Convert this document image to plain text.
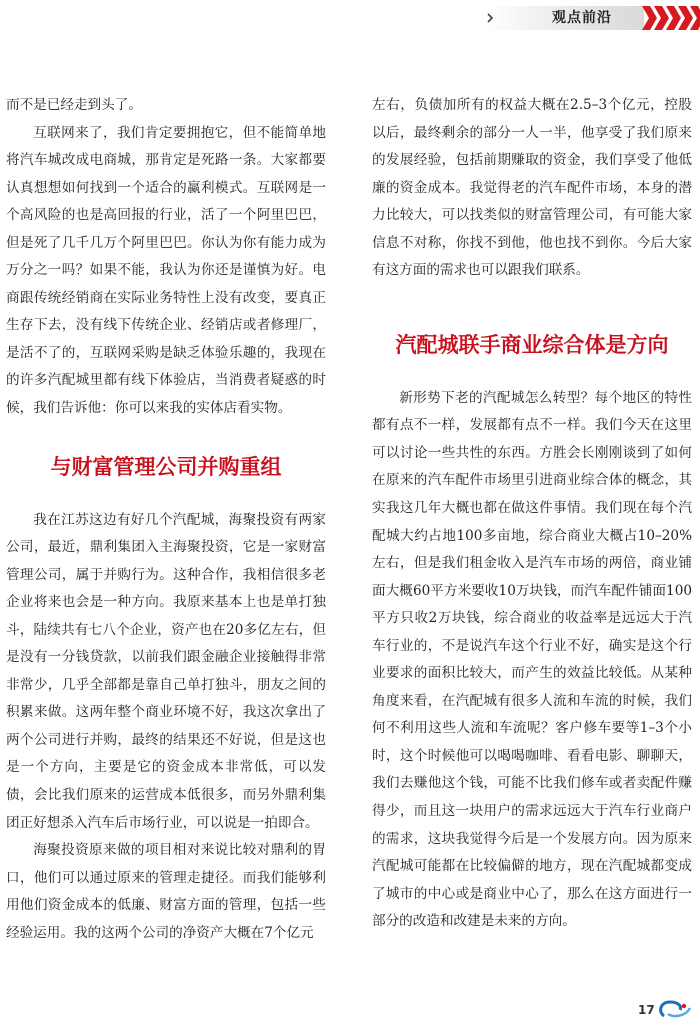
观点前沿

而不是已经走到头了。

互联网来了，我们肯定要拥抱它，但不能简单地将汽车城改成电商城，那肯定是死路一条。大家都要认真想想如何找到一个适合的赢利模式。互联网是一个高风险的也是高回报的行业，活了一个阿里巴巴，但是死了几千几万个阿里巴巴。你认为你有能力成为万分之一吗？如果不能，我认为你还是谨慎为好。电商跟传统经销商在实际业务特性上没有改变，要真正生存下去，没有线下传统企业、经销店或者修理厂，是活不了的，互联网采购是缺乏体验乐趣的，我现在的许多汽配城里都有线下体验店，当消费者疑惑的时候，我们告诉他：你可以来我的实体店看实物。

与财富管理公司并购重组

我在江苏这边有好几个汽配城，海聚投资有两家公司，最近，鼎利集团入主海聚投资，它是一家财富管理公司，属于并购行为。这种合作，我相信很多老企业将来也会是一种方向。我原来基本上也是单打独斗，陆续共有七八个企业，资产也在20多亿左右，但是没有一分钱贷款，以前我们跟金融企业接触得非常非常少，几乎全部都是靠自己单打独斗，朋友之间的积累来做。这两年整个商业环境不好，我这次拿出了两个公司进行并购，最终的结果还不好说，但是这也是一个方向，主要是它的资金成本非常低，可以发债，会比我们原来的运营成本低很多，而另外鼎利集团正好想杀入汽车后市场行业，可以说是一拍即合。

海聚投资原来做的项目相对来说比较对鼎利的胃口，他们可以通过原来的管理走捷径。而我们能够利用他们资金成本的低廉、财富方面的管理，包括一些经验运用。我的这两个公司的净资产大概在7个亿元

左右，负债加所有的权益大概在2.5–3个亿元，控股以后，最终剩余的部分一人一半，他享受了我们原来的发展经验，包括前期赚取的资金，我们享受了他低廉的资金成本。我觉得老的汽车配件市场，本身的潜力比较大，可以找类似的财富管理公司，有可能大家信息不对称，你找不到他，他也找不到你。今后大家有这方面的需求也可以跟我们联系。

汽配城联手商业综合体是方向

新形势下老的汽配城怎么转型？每个地区的特性都有点不一样，发展都有点不一样。我们今天在这里可以讨论一些共性的东西。方胜会长刚刚谈到了如何在原来的汽车配件市场里引进商业综合体的概念，其实我这几年大概也都在做这件事情。我们现在每个汽配城大约占地100多亩地，综合商业大概占10–20%左右，但是我们租金收入是汽车市场的两倍，商业铺面大概60平方米要收10万块钱，而汽车配件铺面100平方只收2万块钱，综合商业的收益率是远远大于汽车行业的，不是说汽车这个行业不好，确实是这个行业要求的面积比较大，而产生的效益比较低。从某种角度来看，在汽配城有很多人流和车流的时候，我们何不利用这些人流和车流呢？客户修车要等1–3个小时，这个时候他可以喝喝咖啡、看看电影、聊聊天，我们去赚他这个钱，可能不比我们修车或者卖配件赚得少，而且这一块用户的需求远远大于汽车行业商户的需求，这块我觉得今后是一个发展方向。因为原来汽配城可能都在比较偏僻的地方，现在汽配城都变成了城市的中心或是商业中心了，那么在这方面进行一部分的改造和改建是未来的方向。

17
